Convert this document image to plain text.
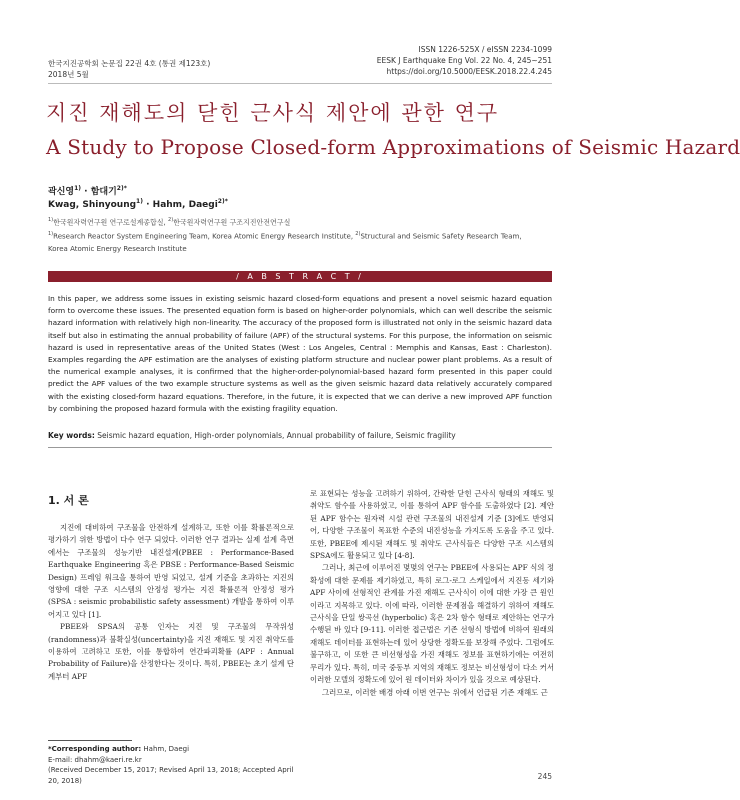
한국지진공학회 논문집 22권 4호 (통권 제123호)
2018년 5월
ISSN 1226-525X / eISSN 2234-1099
EESK J Earthquake Eng Vol. 22 No. 4, 245~251
https://doi.org/10.5000/EESK.2018.22.4.245
지진 재해도의 닫힌 근사식 제안에 관한 연구
A Study to Propose Closed-form Approximations of Seismic Hazard
곽신영$^{1)}$ · 함대기$^{2)*}$
Kwag, Shinyoung$^{1)}$ · Hahm, Daegi$^{2)*}$
$^{1)}$한국원자력연구원 연구로설계종합실, $^{2)}$한국원자력연구원 구조지진안전연구실
$^{1)}$Research Reactor System Engineering Team, Korea Atomic Energy Research Institute, $^{2)}$Structural and Seismic Safety Research Team,
Korea Atomic Energy Research Institute
/ A B S T R A C T /
In this paper, we address some issues in existing seismic hazard closed-form equations and present a novel seismic hazard equation form to overcome these issues. The presented equation form is based on higher-order polynomials, which can well describe the seismic hazard information with relatively high non-linearity. The accuracy of the proposed form is illustrated not only in the seismic hazard data itself but also in estimating the annual probability of failure (APF) of the structural systems. For this purpose, the information on seismic hazard is used in representative areas of the United States (West : Los Angeles, Central : Memphis and Kansas, East : Charleston). Examples regarding the APF estimation are the analyses of existing platform structure and nuclear power plant problems. As a result of the numerical example analyses, it is confirmed that the higher-order-polynomial-based hazard form presented in this paper could predict the APF values of the two example structure systems as well as the given seismic hazard data relatively accurately compared with the existing closed-form hazard equations. Therefore, in the future, it is expected that we can derive a new improved APF function by combining the proposed hazard formula with the existing fragility equation.
Key words: Seismic hazard equation, High-order polynomials, Annual probability of failure, Seismic fragility
1. 서 론

지진에 대비하여 구조물을 안전하게 설계하고, 또한 이를 확률론적으로 평가하기 위한 방법이 다수 연구 되었다. 이러한 연구 결과는 실제 설계 측면에서는 구조물의 성능기반 내진설계(PBEE : Performance-Based Earthquake Engineering 혹은 PBSE : Performance-Based Seismic Design) 프레임 워크을 통하여 반영 되었고, 설계 기준을 초과하는 지진의 영향에 대한 구조 시스템의 안정성 평가는 지진 확률론적 안정성 평가 (SPSA : seismic probabilistic safety assessment) 개발을 통하여 이루어지고 있다 [1].

PBEE와 SPSA의 공통 인자는 지진 및 구조물의 무작위성 (randomness)과 불확실성(uncertainty)을 지진 재해도 및 지진 취약도를 이용하여 고려하고 또한, 이를 통합하여 연간파괴확률 (APF : Annual Probability of Failure)을 산정한다는 것이다. 특히, PBEE는 초기 설계 단계부터 APF

로 표현되는 성능을 고려하기 위하여, 간략한 닫힌 근사식 형태의 재해도 및 취약도 함수를 사용하였고, 이를 통하여 APF 함수를 도출하였다 [2]. 제안된 APF 함수는 원자력 시설 관련 구조물의 내진설계 기준 [3]에도 반영되어, 다양한 구조물이 목표한 수준의 내진성능을 가지도록 도움을 주고 있다. 또한, PBEE에 제시된 재해도 및 취약도 근사식들은 다양한 구조 시스템의 SPSA에도 활용되고 있다 [4-8].

그러나, 최근에 이루어진 몇몇의 연구는 PBEE에 사용되는 APF 식의 정확성에 대한 문제를 제기하였고, 특히 로그-로그 스케일에서 지진동 세기와 APF 사이에 선형적인 관계를 가진 재해도 근사식이 이에 대한 가장 큰 원인이라고 지목하고 있다. 이에 따라, 이러한 문제점을 해결하기 위하여 재해도 근사식을 단일 쌍곡선 (hyperbolic) 혹은 2차 함수 형태로 제안하는 연구가 수행된 바 있다 [9-11]. 이러한 접근법은 기존 선형식 방법에 비하여 원래의 재해도 데이터를 표현하는데 있어 상당한 정확도를 보장해 주었다. 그럼에도 불구하고, 이 또한 큰 비선형성을 가진 재해도 정보를 표현하기에는 여전히 무리가 있다. 특히, 미국 중동부 지역의 재해도 정보는 비선형성이 다소 커서 이러한 모델의 정확도에 있어 원 데이터와 차이가 있을 것으로 예상된다.

그러므로, 이러한 배경 아래 이번 연구는 위에서 언급된 기존 재해도 근

*Corresponding author: Hahm, Daegi
E-mail: dhahm@kaeri.re.kr
(Received December 15, 2017; Revised April 13, 2018; Accepted April 20, 2018)	245
